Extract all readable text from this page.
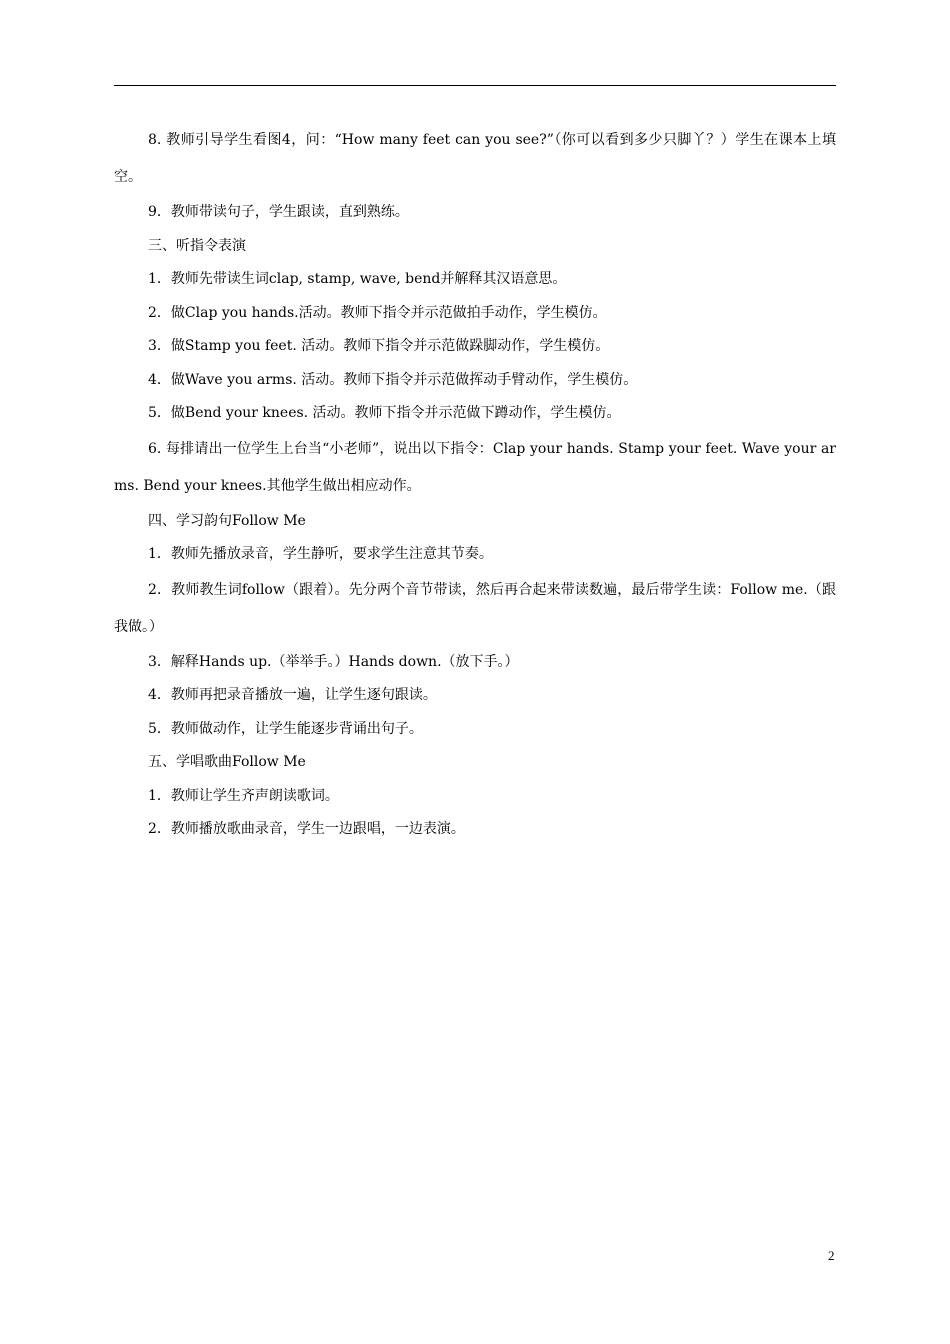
8. 教师引导学生看图4，问：“How many feet can you see?”（你可以看到多少只脚丫？）学生在课本上填空。

9．教师带读句子，学生跟读，直到熟练。

三、听指令表演

1．教师先带读生词clap, stamp, wave, bend并解释其汉语意思。

2．做Clap you hands.活动。教师下指令并示范做拍手动作，学生模仿。

3．做Stamp you feet. 活动。教师下指令并示范做跺脚动作，学生模仿。

4．做Wave you arms. 活动。教师下指令并示范做挥动手臂动作，学生模仿。

5．做Bend your knees. 活动。教师下指令并示范做下蹲动作，学生模仿。

6. 每排请出一位学生上台当“小老师”，说出以下指令：Clap your hands. Stamp your feet. Wave your arms. Bend your knees.其他学生做出相应动作。

四、学习韵句Follow Me

1．教师先播放录音，学生静听，要求学生注意其节奏。

2．教师教生词follow（跟着）。先分两个音节带读，然后再合起来带读数遍，最后带学生读：Follow me.（跟我做。）

3．解释Hands up.（举举手。）Hands down.（放下手。）

4．教师再把录音播放一遍，让学生逐句跟读。

5．教师做动作，让学生能逐步背诵出句子。

五、学唱歌曲Follow Me

1．教师让学生齐声朗读歌词。

2．教师播放歌曲录音，学生一边跟唱，一边表演。

2
